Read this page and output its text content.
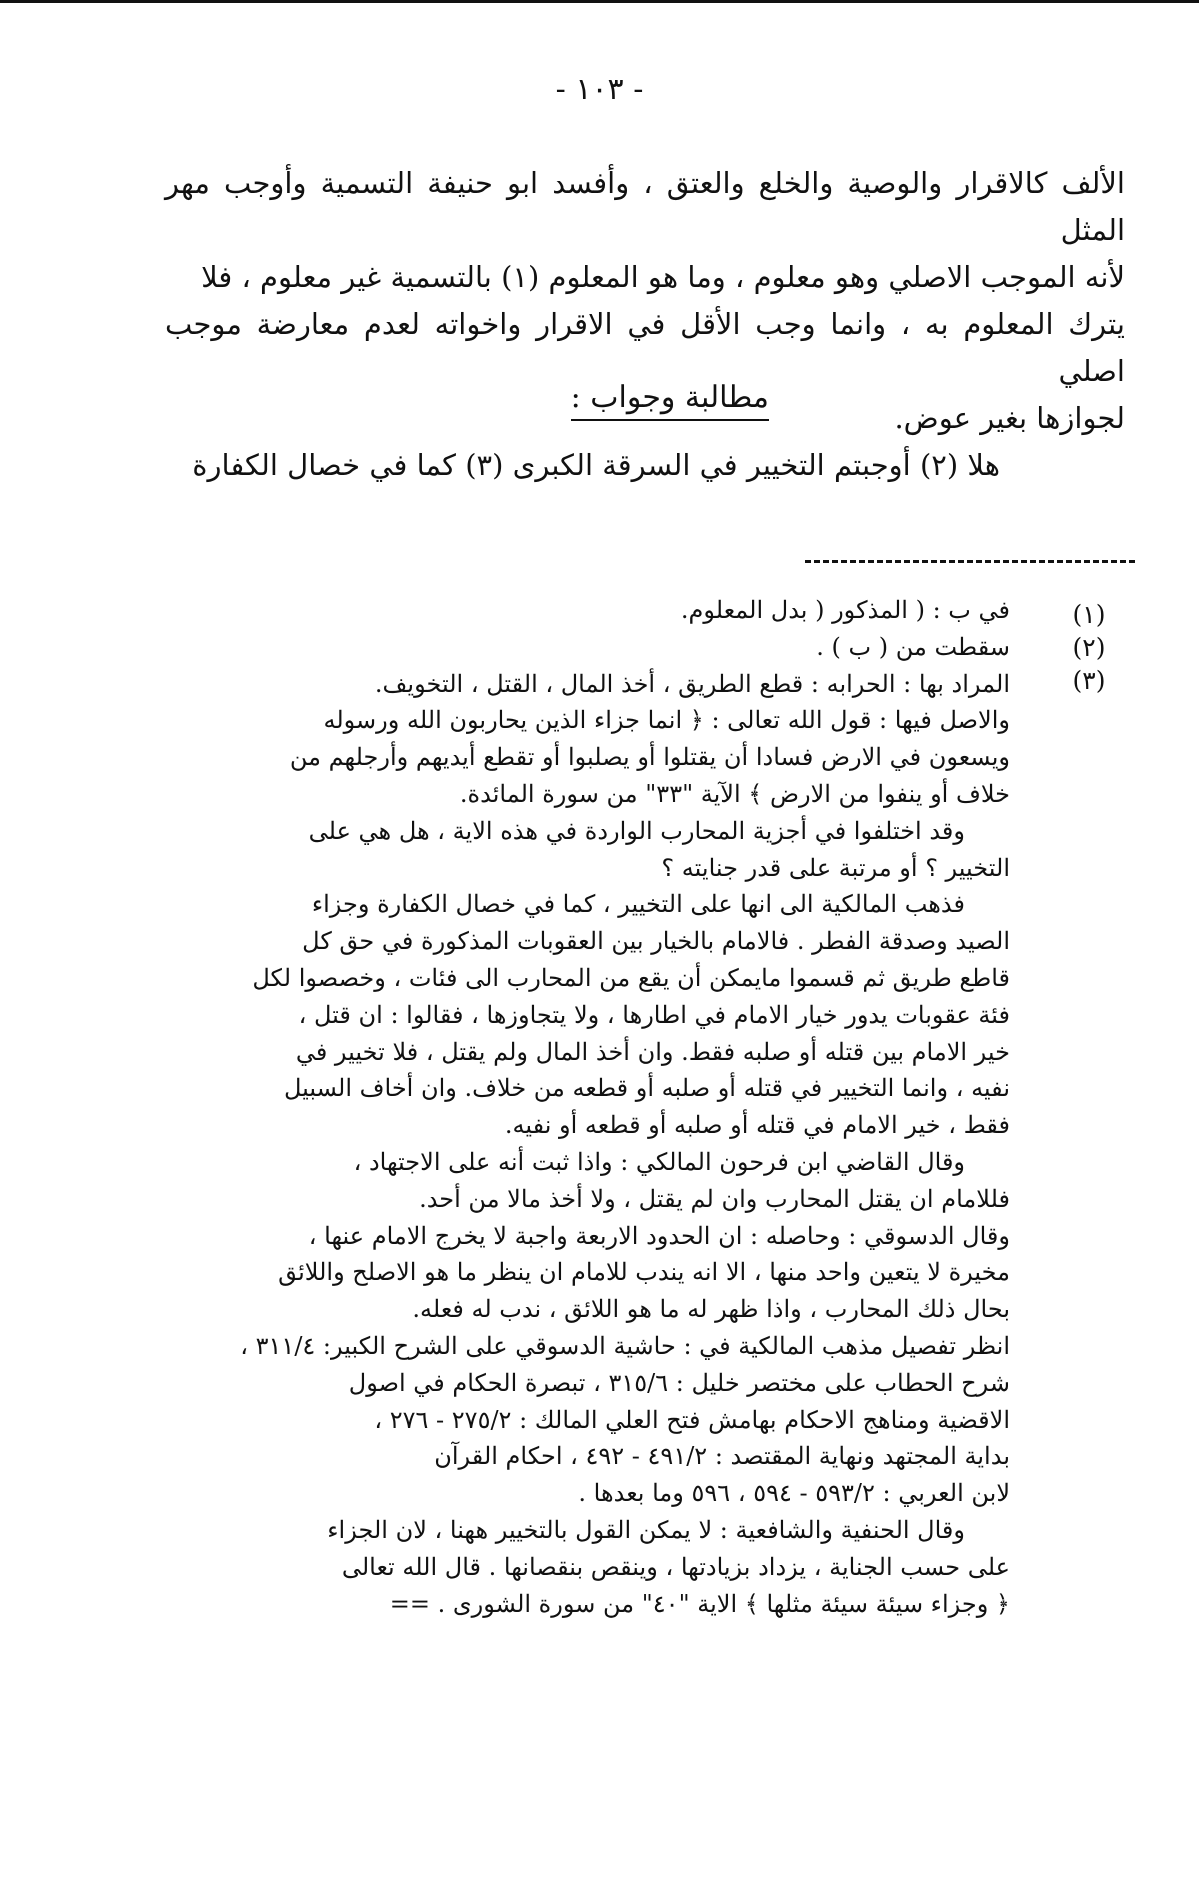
- ١٠٣ -
الألف كالاقرار والوصية والخلع والعتق ، وأفسد ابو حنيفة التسمية وأوجب مهر المثل
لأنه الموجب الاصلي وهو معلوم ، وما هو المعلوم (١) بالتسمية غير معلوم ، فلا
يترك المعلوم به ، وانما وجب الأقل في الاقرار واخواته لعدم معارضة موجب اصلي
لجوازها بغير عوض.
مطالبة وجواب :
هلا (٢) أوجبتم التخيير في السرقة الكبرى (٣) كما في خصال الكفارة
(١)
(٢)
(٣)
في ب : ( المذكور ( بدل المعلوم.
سقطت من ( ب ) .
المراد بها : الحرابه : قطع الطريق ، أخذ المال ، القتل ، التخويف.
والاصل فيها : قول الله تعالى : ﴿ انما جزاء الذين يحاربون الله ورسوله
ويسعون في الارض فسادا أن يقتلوا أو يصلبوا أو تقطع أيديهم وأرجلهم من
خلاف أو ينفوا من الارض ﴾ الآية "٣٣" من سورة المائدة.
وقد اختلفوا في أجزية المحارب الواردة في هذه الاية ، هل هي على
التخيير ؟ أو مرتبة على قدر جنايته ؟
فذهب المالكية الى انها على التخيير ، كما في خصال الكفارة وجزاء
الصيد وصدقة الفطر . فالامام بالخيار بين العقوبات المذكورة في حق كل
قاطع طريق ثم قسموا مايمكن أن يقع من المحارب الى فئات ، وخصصوا لكل
فئة عقوبات يدور خيار الامام في اطارها ، ولا يتجاوزها ، فقالوا : ان قتل ،
خير الامام بين قتله أو صلبه فقط. وان أخذ المال ولم يقتل ، فلا تخيير في
نفيه ، وانما التخيير في قتله أو صلبه أو قطعه من خلاف. وان أخاف السبيل
فقط ، خير الامام في قتله أو صلبه أو قطعه أو نفيه.
وقال القاضي ابن فرحون المالكي : واذا ثبت أنه على الاجتهاد ،
فللامام ان يقتل المحارب وان لم يقتل ، ولا أخذ مالا من أحد.
وقال الدسوقي : وحاصله : ان الحدود الاربعة واجبة لا يخرج الامام عنها ،
مخيرة لا يتعين واحد منها ، الا انه يندب للامام ان ينظر ما هو الاصلح واللائق
بحال ذلك المحارب ، واذا ظهر له ما هو اللائق ، ندب له فعله.
انظر تفصيل مذهب المالكية في : حاشية الدسوقي على الشرح الكبير: ٣١١/٤ ،
شرح الحطاب على مختصر خليل : ٣١٥/٦ ، تبصرة الحكام في اصول
الاقضية ومناهج الاحكام بهامش فتح العلي المالك : ٢٧٥/٢ - ٢٧٦ ،
بداية المجتهد ونهاية المقتصد : ٤٩١/٢ - ٤٩٢ ، احكام القرآن
لابن العربي : ٥٩٣/٢ - ٥٩٤ ، ٥٩٦ وما بعدها .
وقال الحنفية والشافعية : لا يمكن القول بالتخيير ههنا ، لان الجزاء
على حسب الجناية ، يزداد بزيادتها ، وينقص بنقصانها . قال الله تعالى
﴿ وجزاء سيئة سيئة مثلها ﴾ الاية "٤٠" من سورة الشورى . ==
